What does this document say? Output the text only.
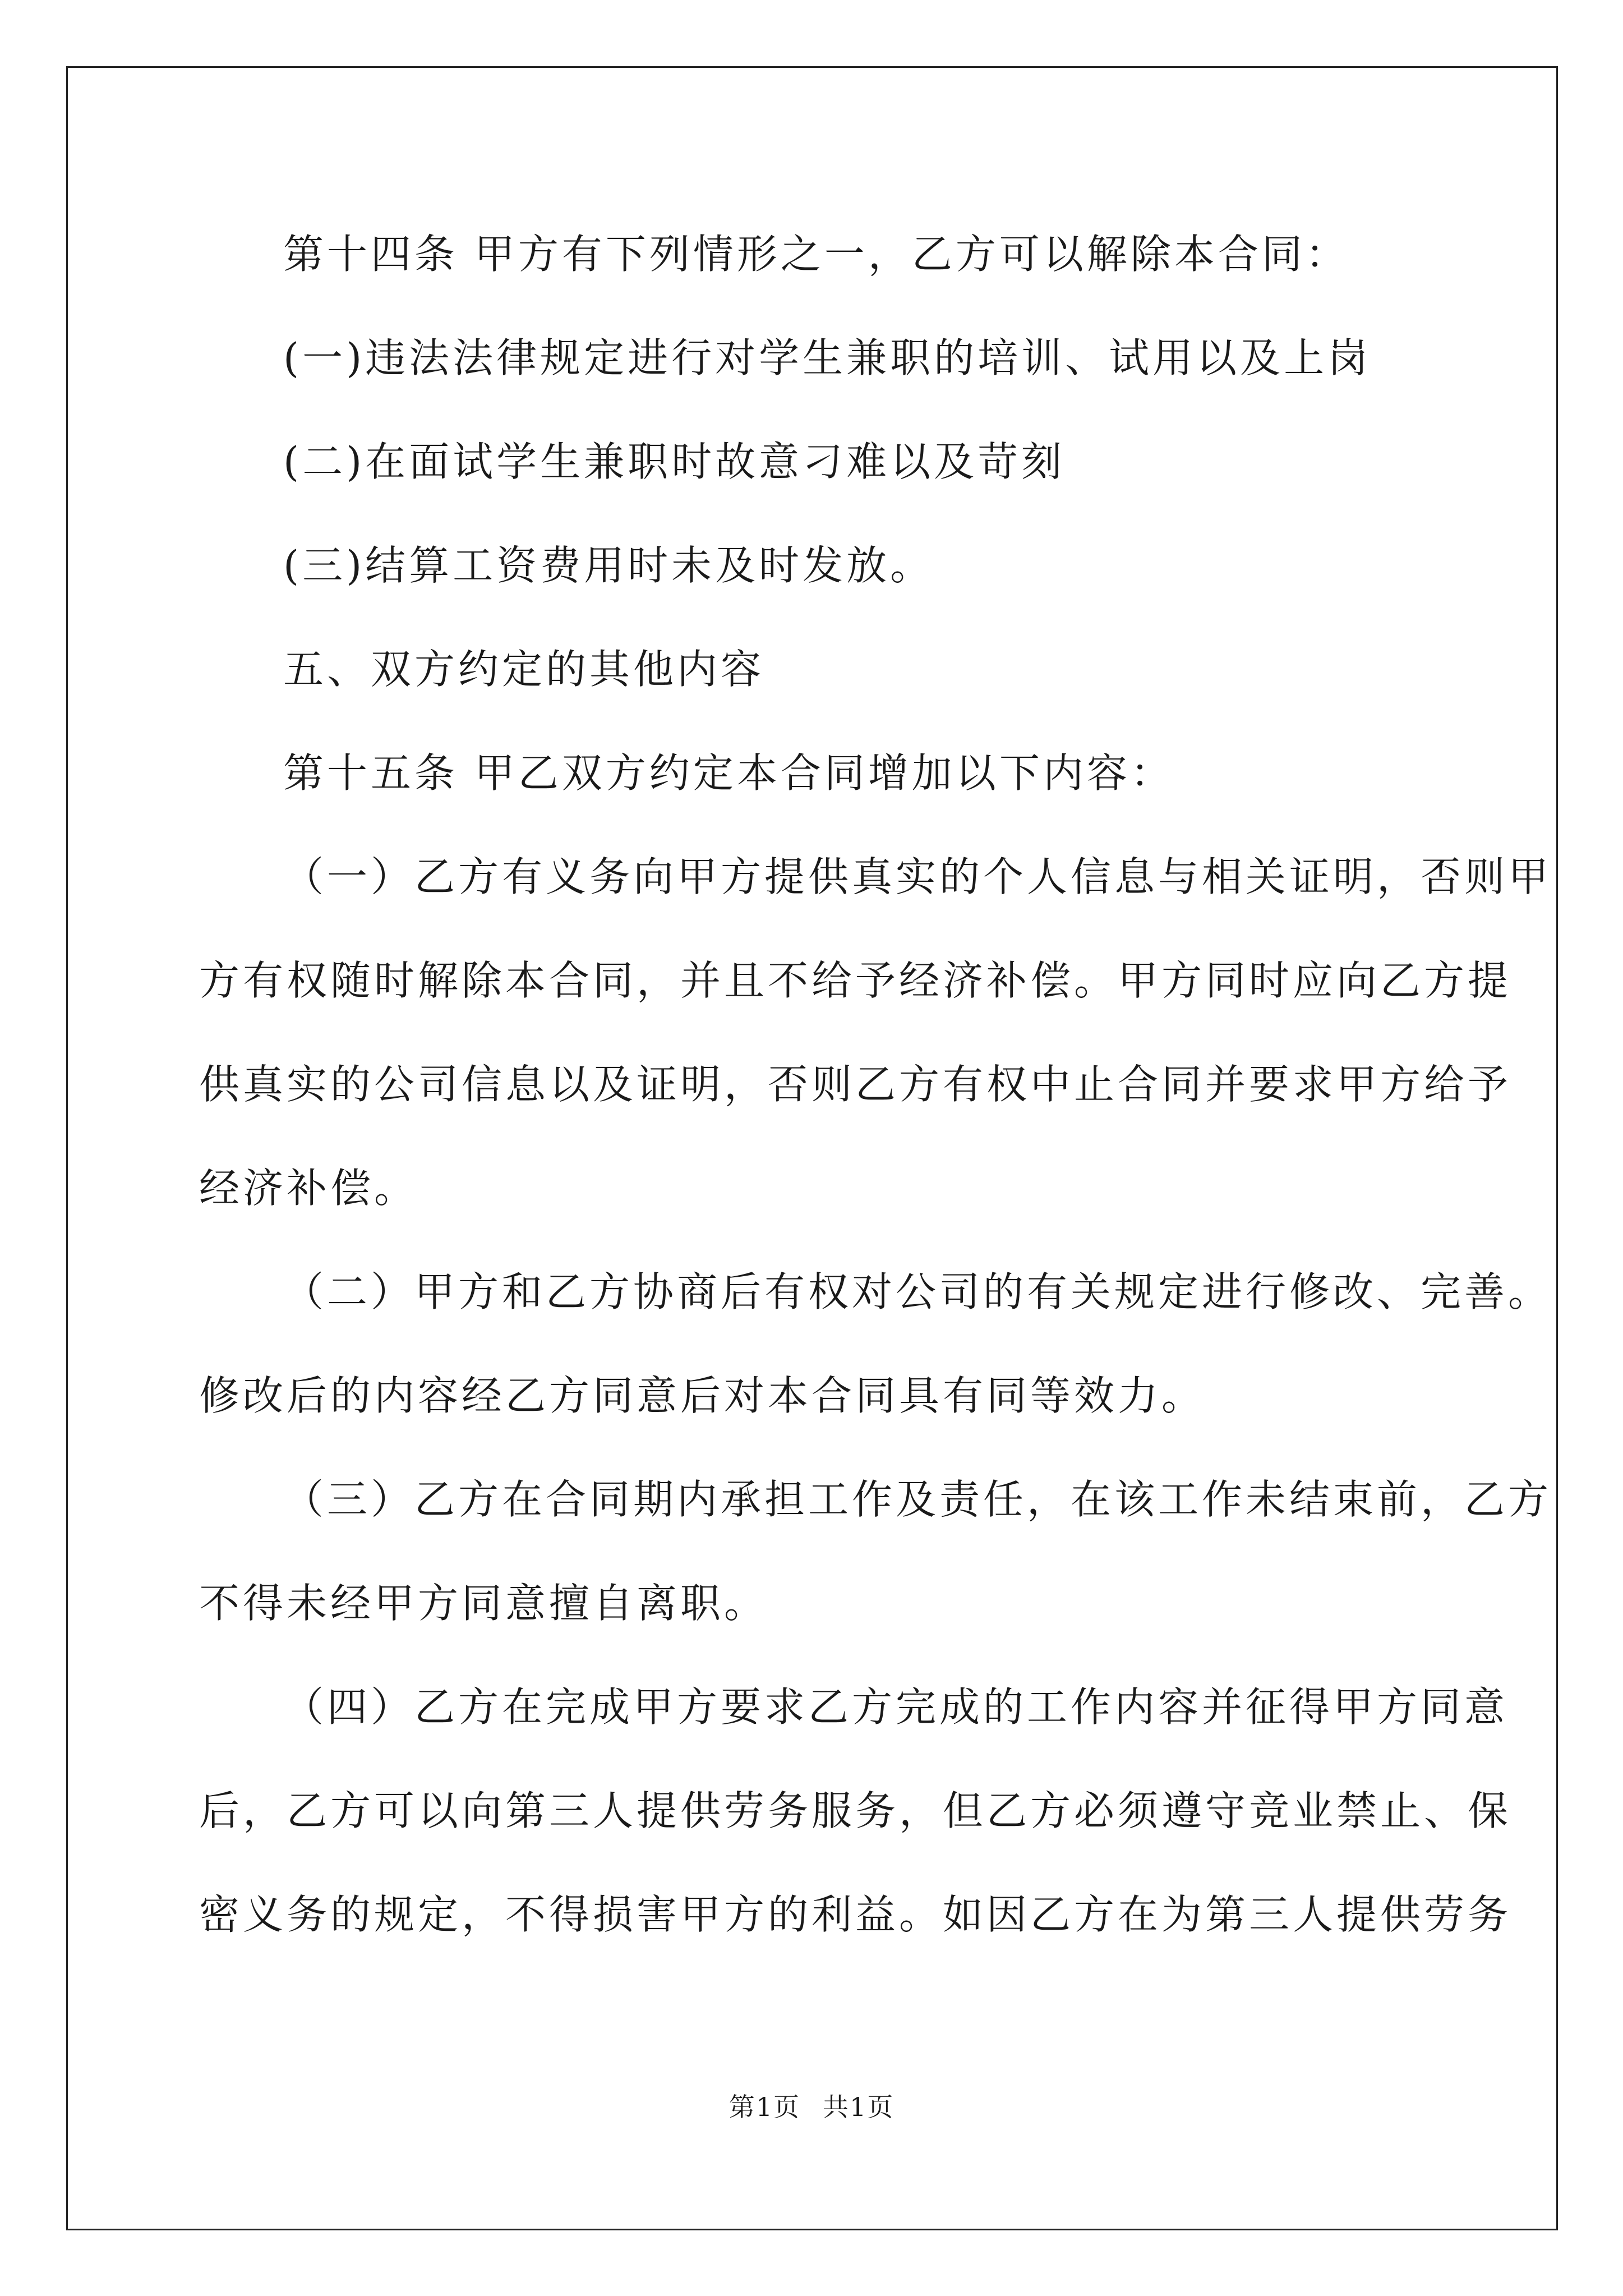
第十四条 甲方有下列情形之一，乙方可以解除本合同：
(一)违法法律规定进行对学生兼职的培训、试用以及上岗
(二)在面试学生兼职时故意刁难以及苛刻
(三)结算工资费用时未及时发放。
五、双方约定的其他内容
第十五条 甲乙双方约定本合同增加以下内容：
（一）乙方有义务向甲方提供真实的个人信息与相关证明，否则甲
方有权随时解除本合同，并且不给予经济补偿。甲方同时应向乙方提
供真实的公司信息以及证明，否则乙方有权中止合同并要求甲方给予
经济补偿。
（二）甲方和乙方协商后有权对公司的有关规定进行修改、完善。
修改后的内容经乙方同意后对本合同具有同等效力。
（三）乙方在合同期内承担工作及责任，在该工作未结束前，乙方
不得未经甲方同意擅自离职。
（四）乙方在完成甲方要求乙方完成的工作内容并征得甲方同意
后，乙方可以向第三人提供劳务服务，但乙方必须遵守竞业禁止、保
密义务的规定，不得损害甲方的利益。如因乙方在为第三人提供劳务
第1页 共1页
